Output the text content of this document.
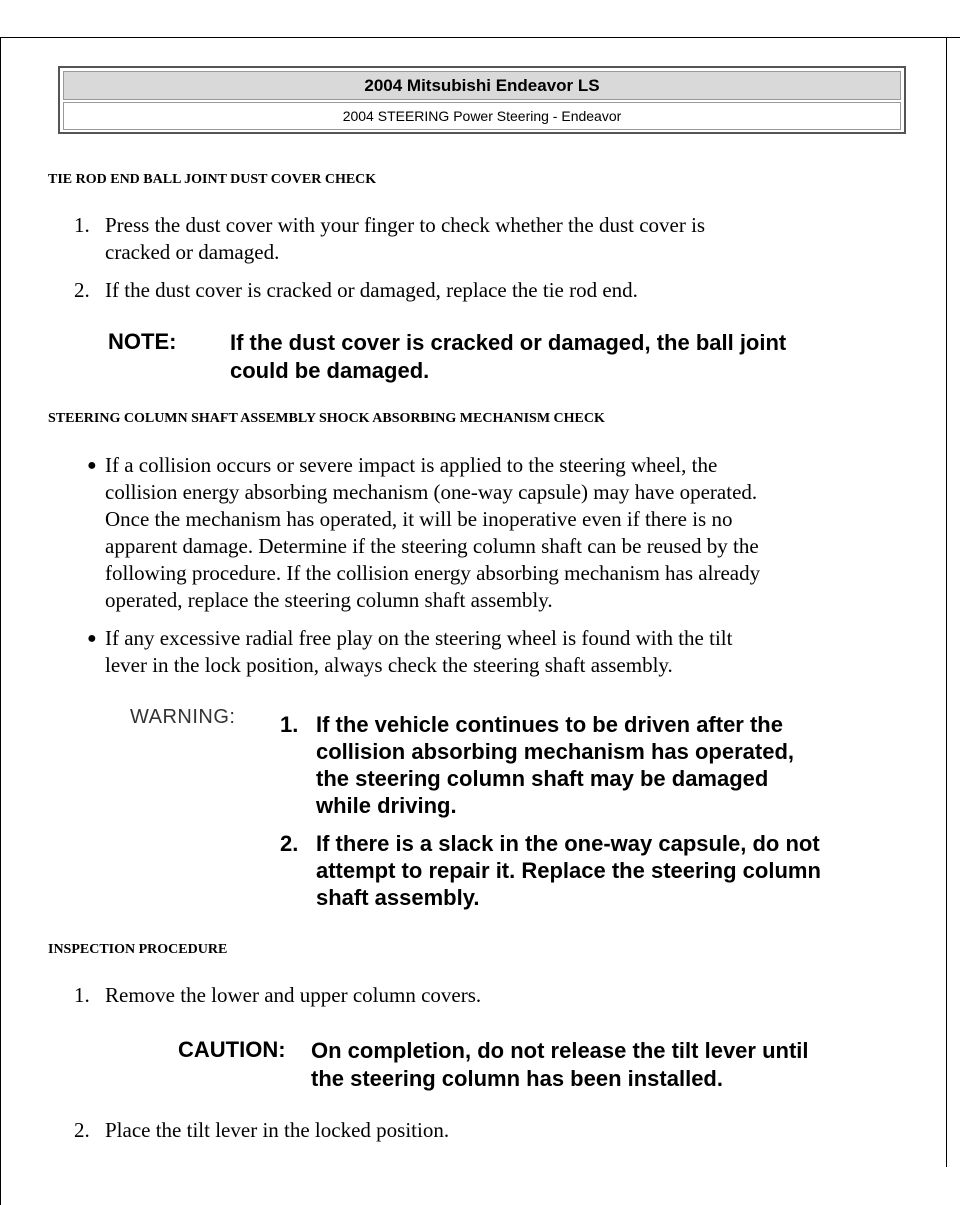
2004 Mitsubishi Endeavor LS
2004 STEERING Power Steering - Endeavor
TIE ROD END BALL JOINT DUST COVER CHECK
1. Press the dust cover with your finger to check whether the dust cover is
cracked or damaged.
2. If the dust cover is cracked or damaged, replace the tie rod end.
NOTE: If the dust cover is cracked or damaged, the ball joint
could be damaged.
STEERING COLUMN SHAFT ASSEMBLY SHOCK ABSORBING MECHANISM CHECK
● If a collision occurs or severe impact is applied to the steering wheel, the
collision energy absorbing mechanism (one-way capsule) may have operated.
Once the mechanism has operated, it will be inoperative even if there is no
apparent damage. Determine if the steering column shaft can be reused by the
following procedure. If the collision energy absorbing mechanism has already
operated, replace the steering column shaft assembly.
● If any excessive radial free play on the steering wheel is found with the tilt
lever in the lock position, always check the steering shaft assembly.
WARNING: 1. If the vehicle continues to be driven after the
collision absorbing mechanism has operated,
the steering column shaft may be damaged
while driving.
2. If there is a slack in the one-way capsule, do not
attempt to repair it. Replace the steering column
shaft assembly.
INSPECTION PROCEDURE
1. Remove the lower and upper column covers.
CAUTION: On completion, do not release the tilt lever until
the steering column has been installed.
2. Place the tilt lever in the locked position.
